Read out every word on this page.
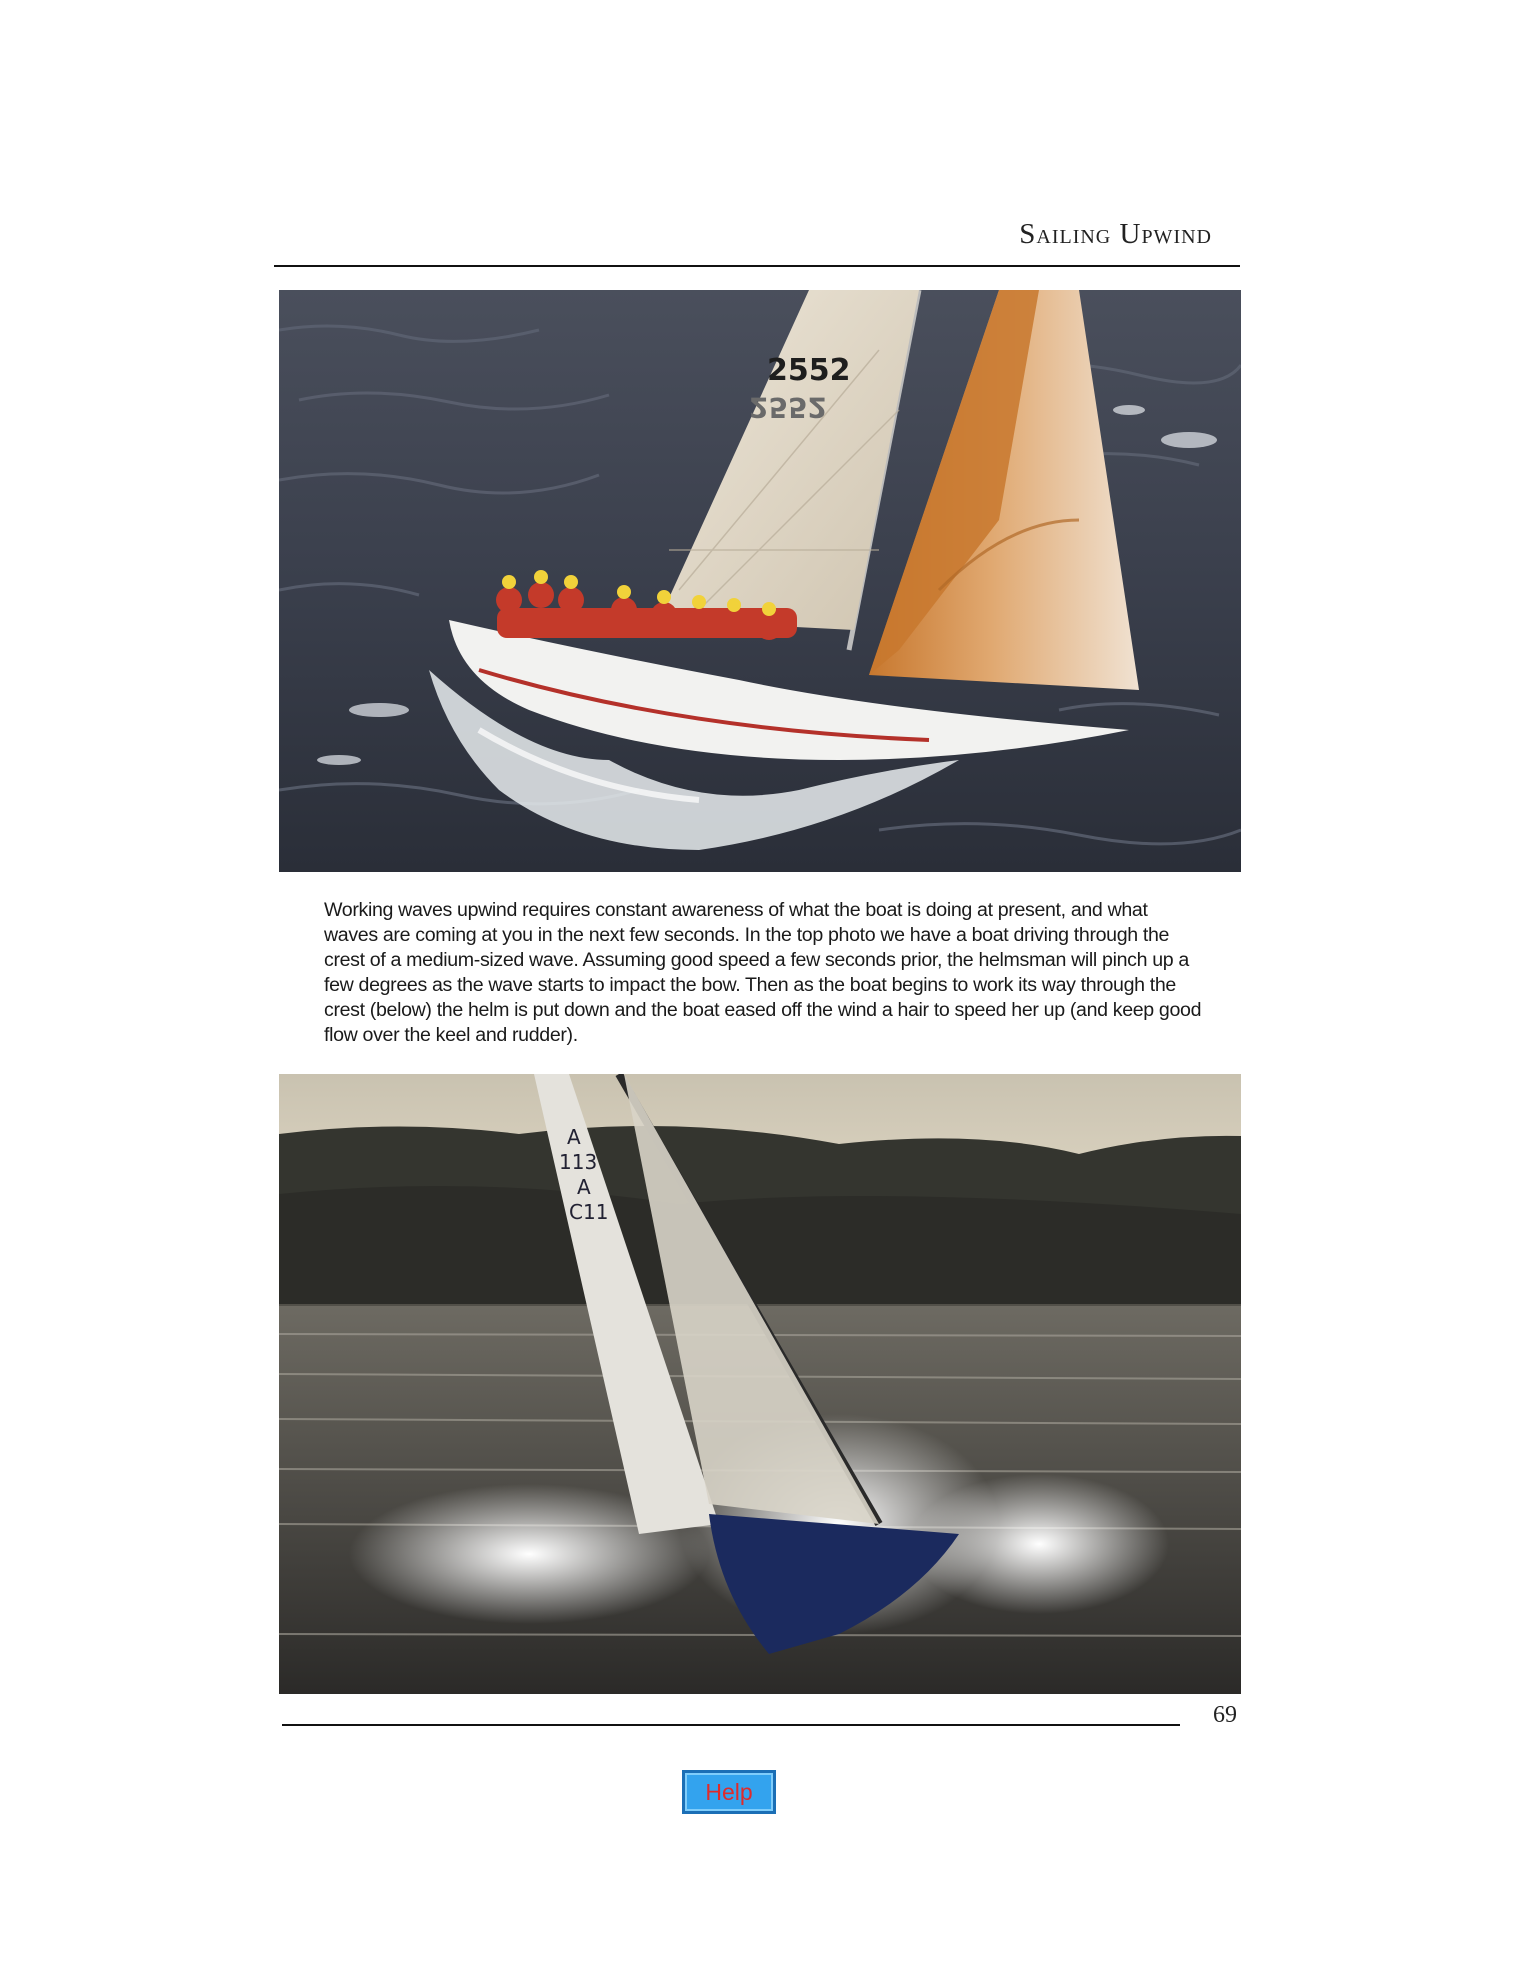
Sailing Upwind
2552
2552

Working waves upwind requires constant awareness of what the boat is doing at present, and what waves are coming at you in the next few seconds. In the top photo we have a boat driving through the crest of a medium-sized wave. Assuming good speed a few seconds prior, the helmsman will pinch up a few degrees as the wave starts to impact the bow. Then as the boat begins to work its way through the crest (below) the helm is put down and the boat eased off the wind a hair to speed her up (and keep good flow over the keel and rudder).

A
113
A
C11
69
Help
